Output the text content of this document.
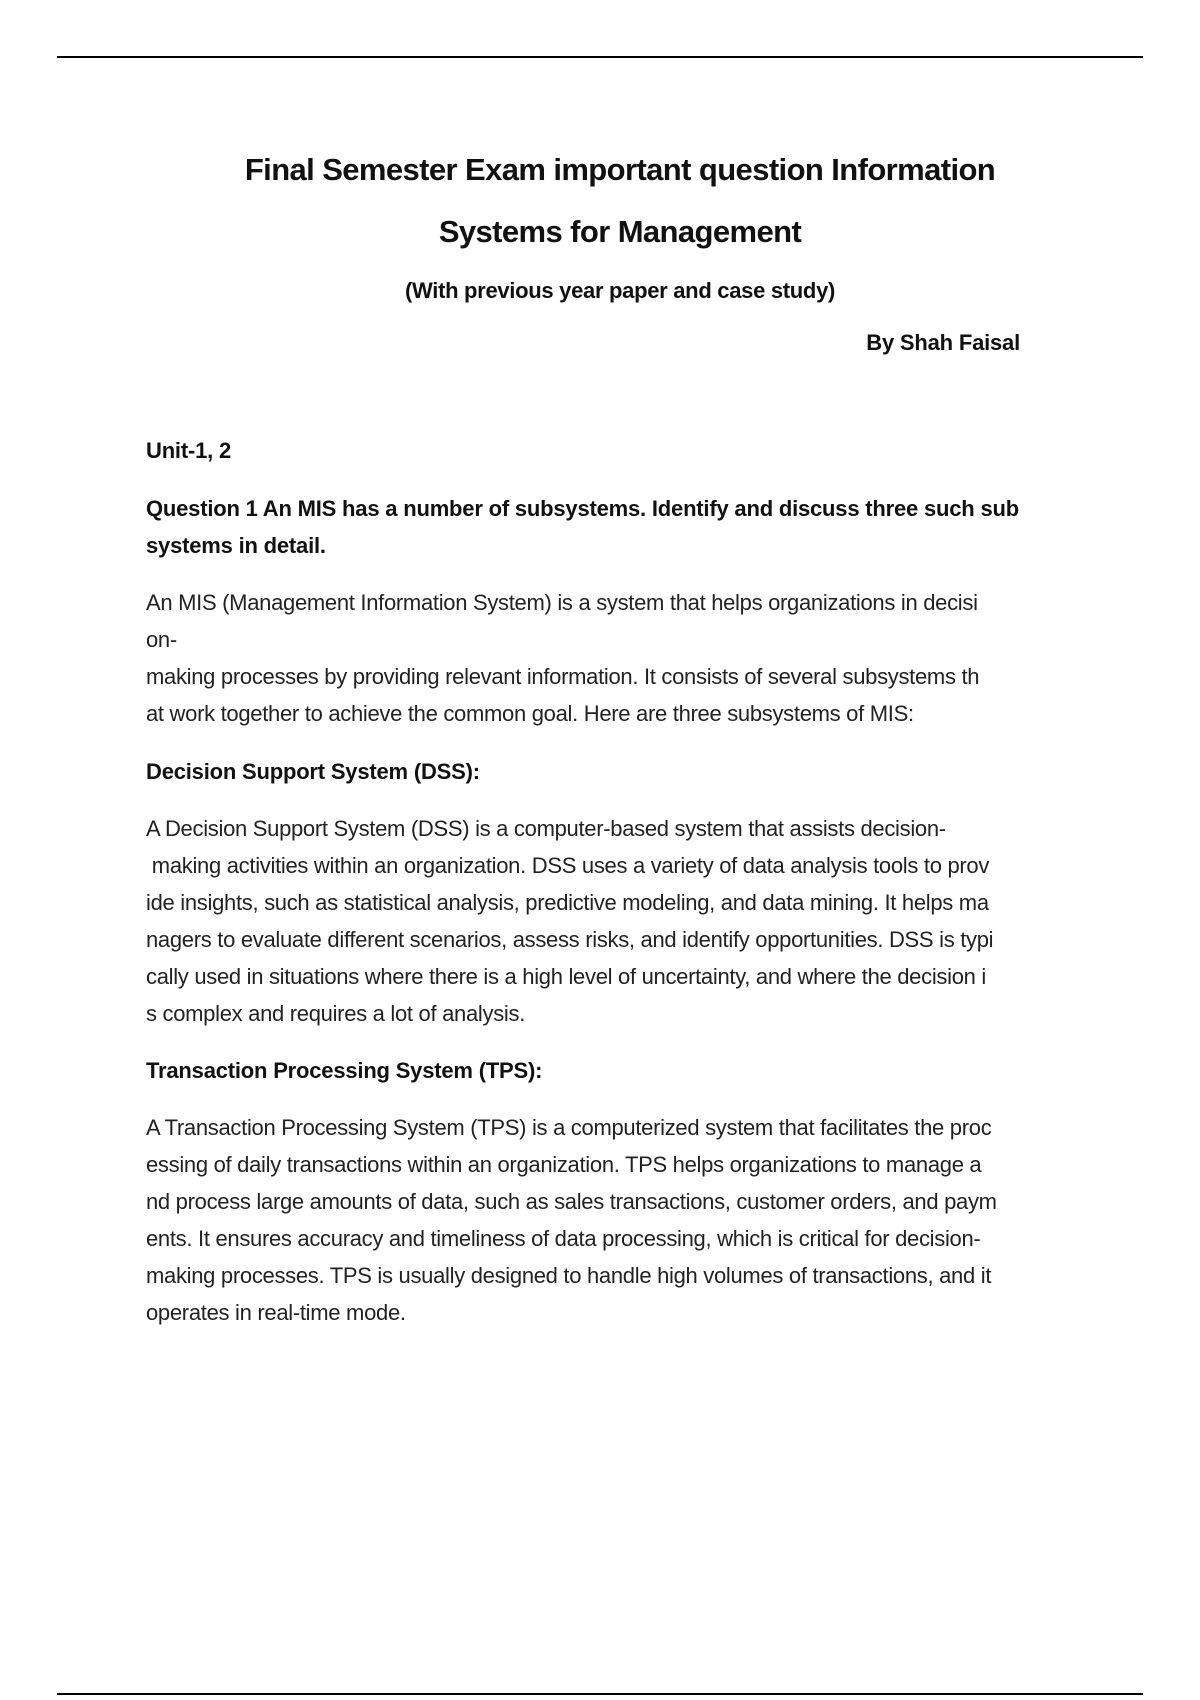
Final Semester Exam important question Information
Systems for Management

(With previous year paper and case study)

By Shah Faisal

Unit-1, 2

Question 1 An MIS has a number of subsystems. Identify and discuss three such sub
systems in detail.
An MIS (Management Information System) is a system that helps organizations in decisi
on-
making processes by providing relevant information. It consists of several subsystems th
at work together to achieve the common goal. Here are three subsystems of MIS:

Decision Support System (DSS):

A Decision Support System (DSS) is a computer-based system that assists decision-
making activities within an organization. DSS uses a variety of data analysis tools to prov
ide insights, such as statistical analysis, predictive modeling, and data mining. It helps ma
nagers to evaluate different scenarios, assess risks, and identify opportunities. DSS is typi
cally used in situations where there is a high level of uncertainty, and where the decision i
s complex and requires a lot of analysis.

Transaction Processing System (TPS):

A Transaction Processing System (TPS) is a computerized system that facilitates the proc
essing of daily transactions within an organization. TPS helps organizations to manage a
nd process large amounts of data, such as sales transactions, customer orders, and paym
ents. It ensures accuracy and timeliness of data processing, which is critical for decision-
making processes. TPS is usually designed to handle high volumes of transactions, and it
operates in real-time mode.
